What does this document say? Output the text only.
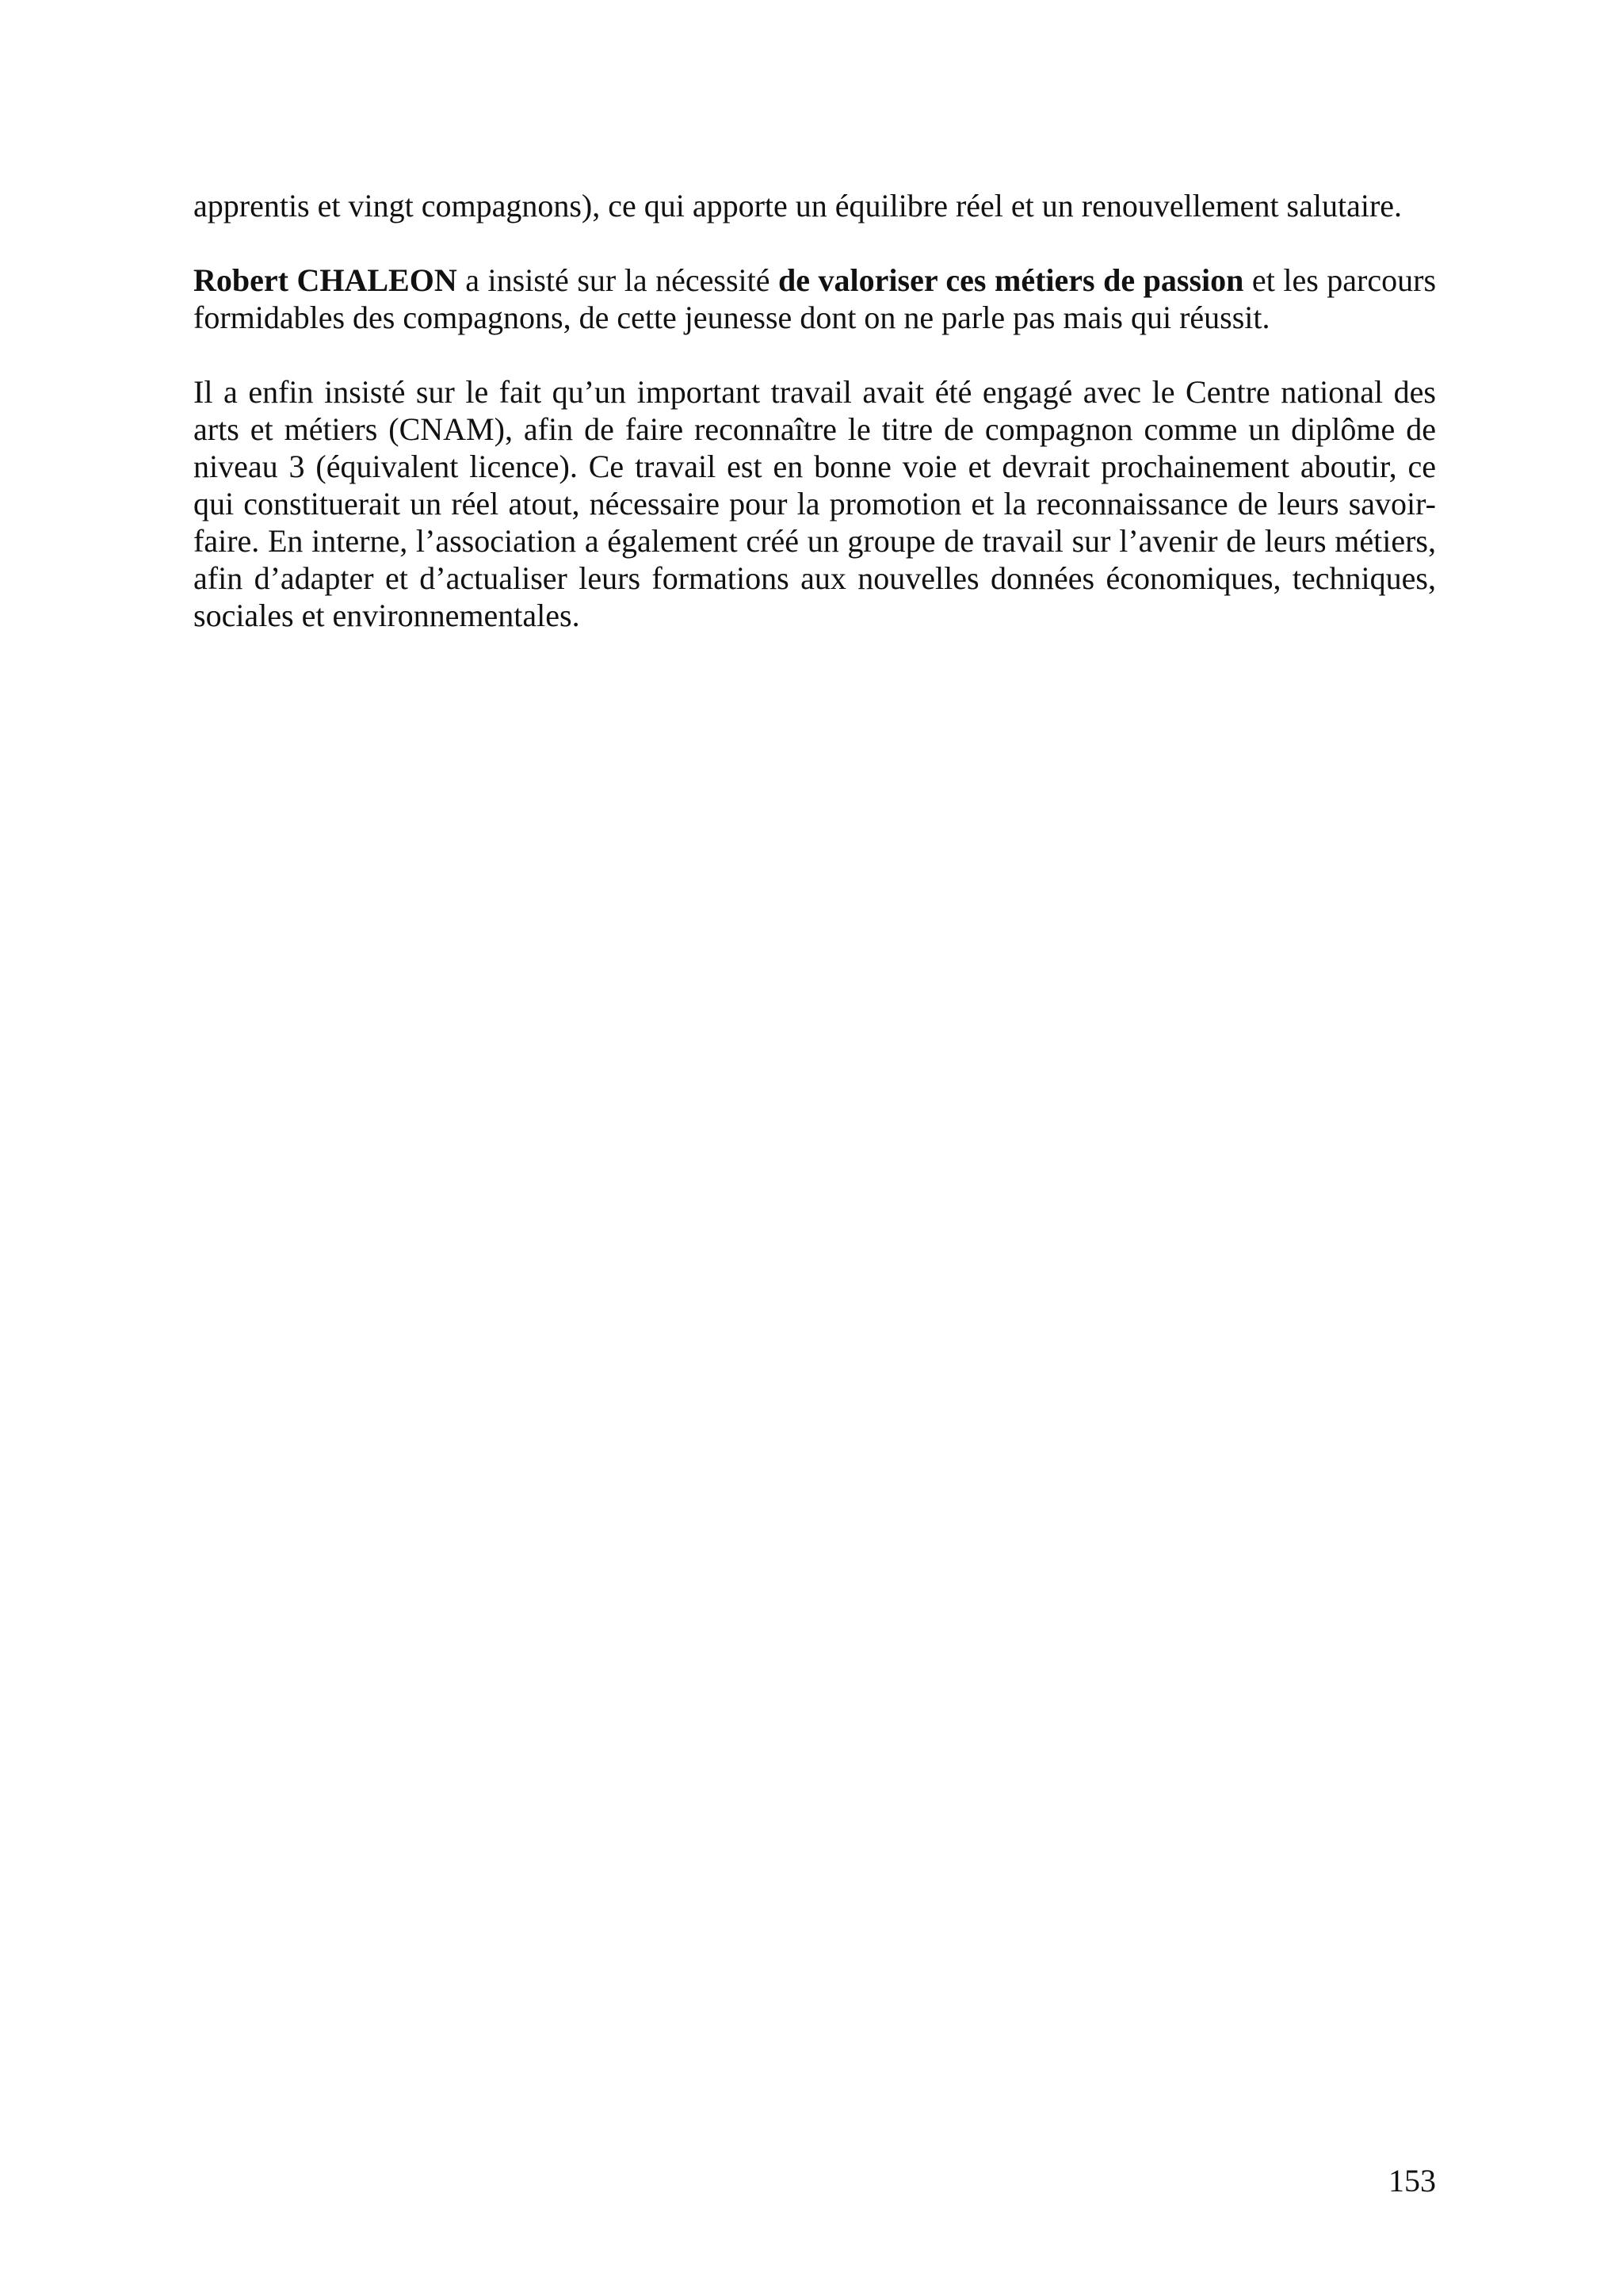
apprentis et vingt compagnons), ce qui apporte un équilibre réel et un renouvellement salutaire.

Robert CHALEON a insisté sur la nécessité de valoriser ces métiers de passion et les parcours formidables des compagnons, de cette jeunesse dont on ne parle pas mais qui réussit.

Il a enfin insisté sur le fait qu’un important travail avait été engagé avec le Centre national des arts et métiers (CNAM), afin de faire reconnaître le titre de compagnon comme un diplôme de niveau 3 (équivalent licence). Ce travail est en bonne voie et devrait prochainement aboutir, ce qui constituerait un réel atout, nécessaire pour la promotion et la reconnaissance de leurs savoir-faire. En interne, l’association a également créé un groupe de travail sur l’avenir de leurs métiers, afin d’adapter et d’actualiser leurs formations aux nouvelles données économiques, techniques, sociales et environnementales.

153
